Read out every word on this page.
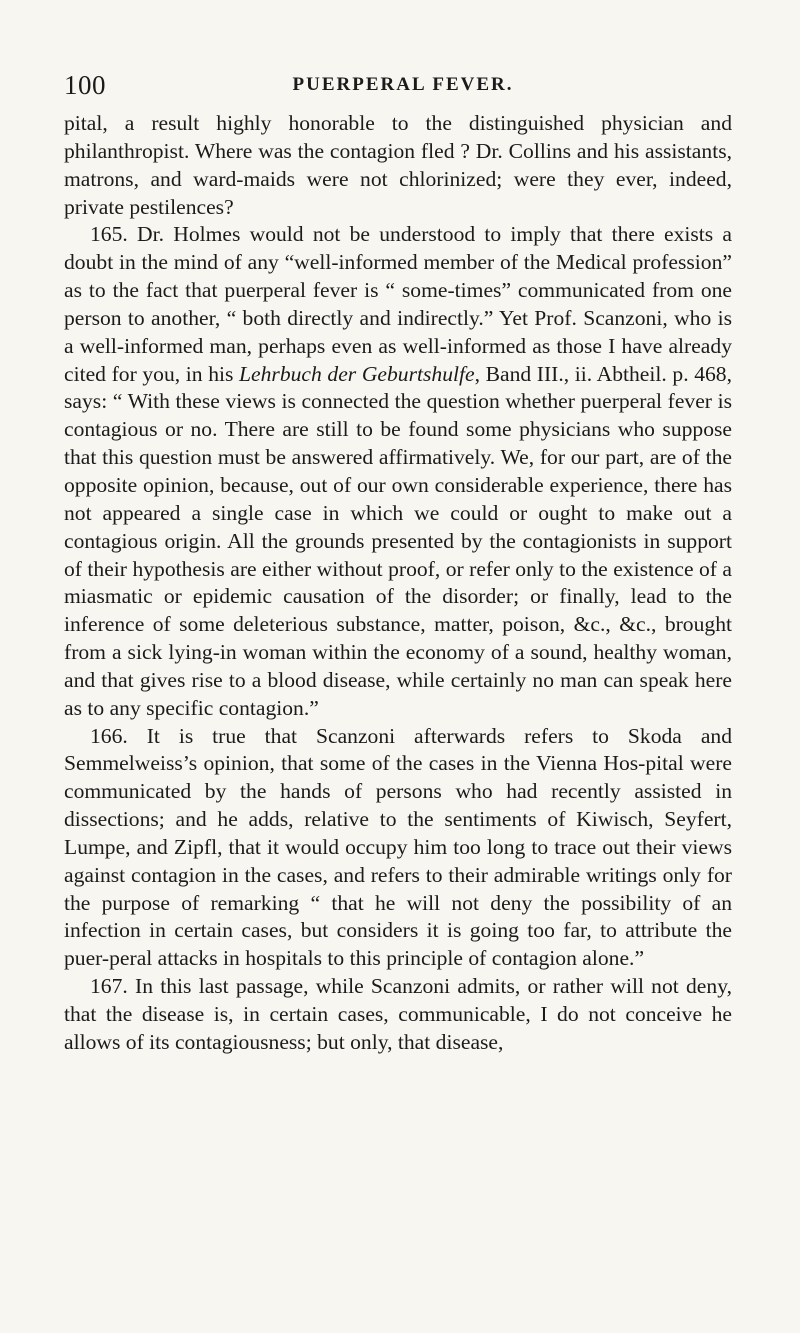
100	PUERPERAL FEVER.

pital, a result highly honorable to the distinguished physician and philanthropist. Where was the contagion fled ? Dr. Collins and his assistants, matrons, and ward-maids were not chlorinized; were they ever, indeed, private pestilences?

165. Dr. Holmes would not be understood to imply that there exists a doubt in the mind of any “well-informed member of the Medical profession” as to the fact that puerperal fever is “ some-times” communicated from one person to another, “ both directly and indirectly.” Yet Prof. Scanzoni, who is a well-informed man, perhaps even as well-informed as those I have already cited for you, in his Lehrbuch der Geburtshulfe, Band III., ii. Abtheil. p. 468, says: “ With these views is connected the question whether puerperal fever is contagious or no. There are still to be found some physicians who suppose that this question must be answered affirmatively. We, for our part, are of the opposite opinion, because, out of our own considerable experience, there has not appeared a single case in which we could or ought to make out a contagious origin. All the grounds presented by the contagionists in support of their hypothesis are either without proof, or refer only to the existence of a miasmatic or epidemic causation of the disorder; or finally, lead to the inference of some deleterious substance, matter, poison, &c., &c., brought from a sick lying-in woman within the economy of a sound, healthy woman, and that gives rise to a blood disease, while certainly no man can speak here as to any specific contagion.”

166. It is true that Scanzoni afterwards refers to Skoda and Semmelweiss’s opinion, that some of the cases in the Vienna Hos-pital were communicated by the hands of persons who had recently assisted in dissections; and he adds, relative to the sentiments of Kiwisch, Seyfert, Lumpe, and Zipfl, that it would occupy him too long to trace out their views against contagion in the cases, and refers to their admirable writings only for the purpose of remarking “ that he will not deny the possibility of an infection in certain cases, but considers it is going too far, to attribute the puer-peral attacks in hospitals to this principle of contagion alone.”

167. In this last passage, while Scanzoni admits, or rather will not deny, that the disease is, in certain cases, communicable, I do not conceive he allows of its contagiousness; but only, that disease,
